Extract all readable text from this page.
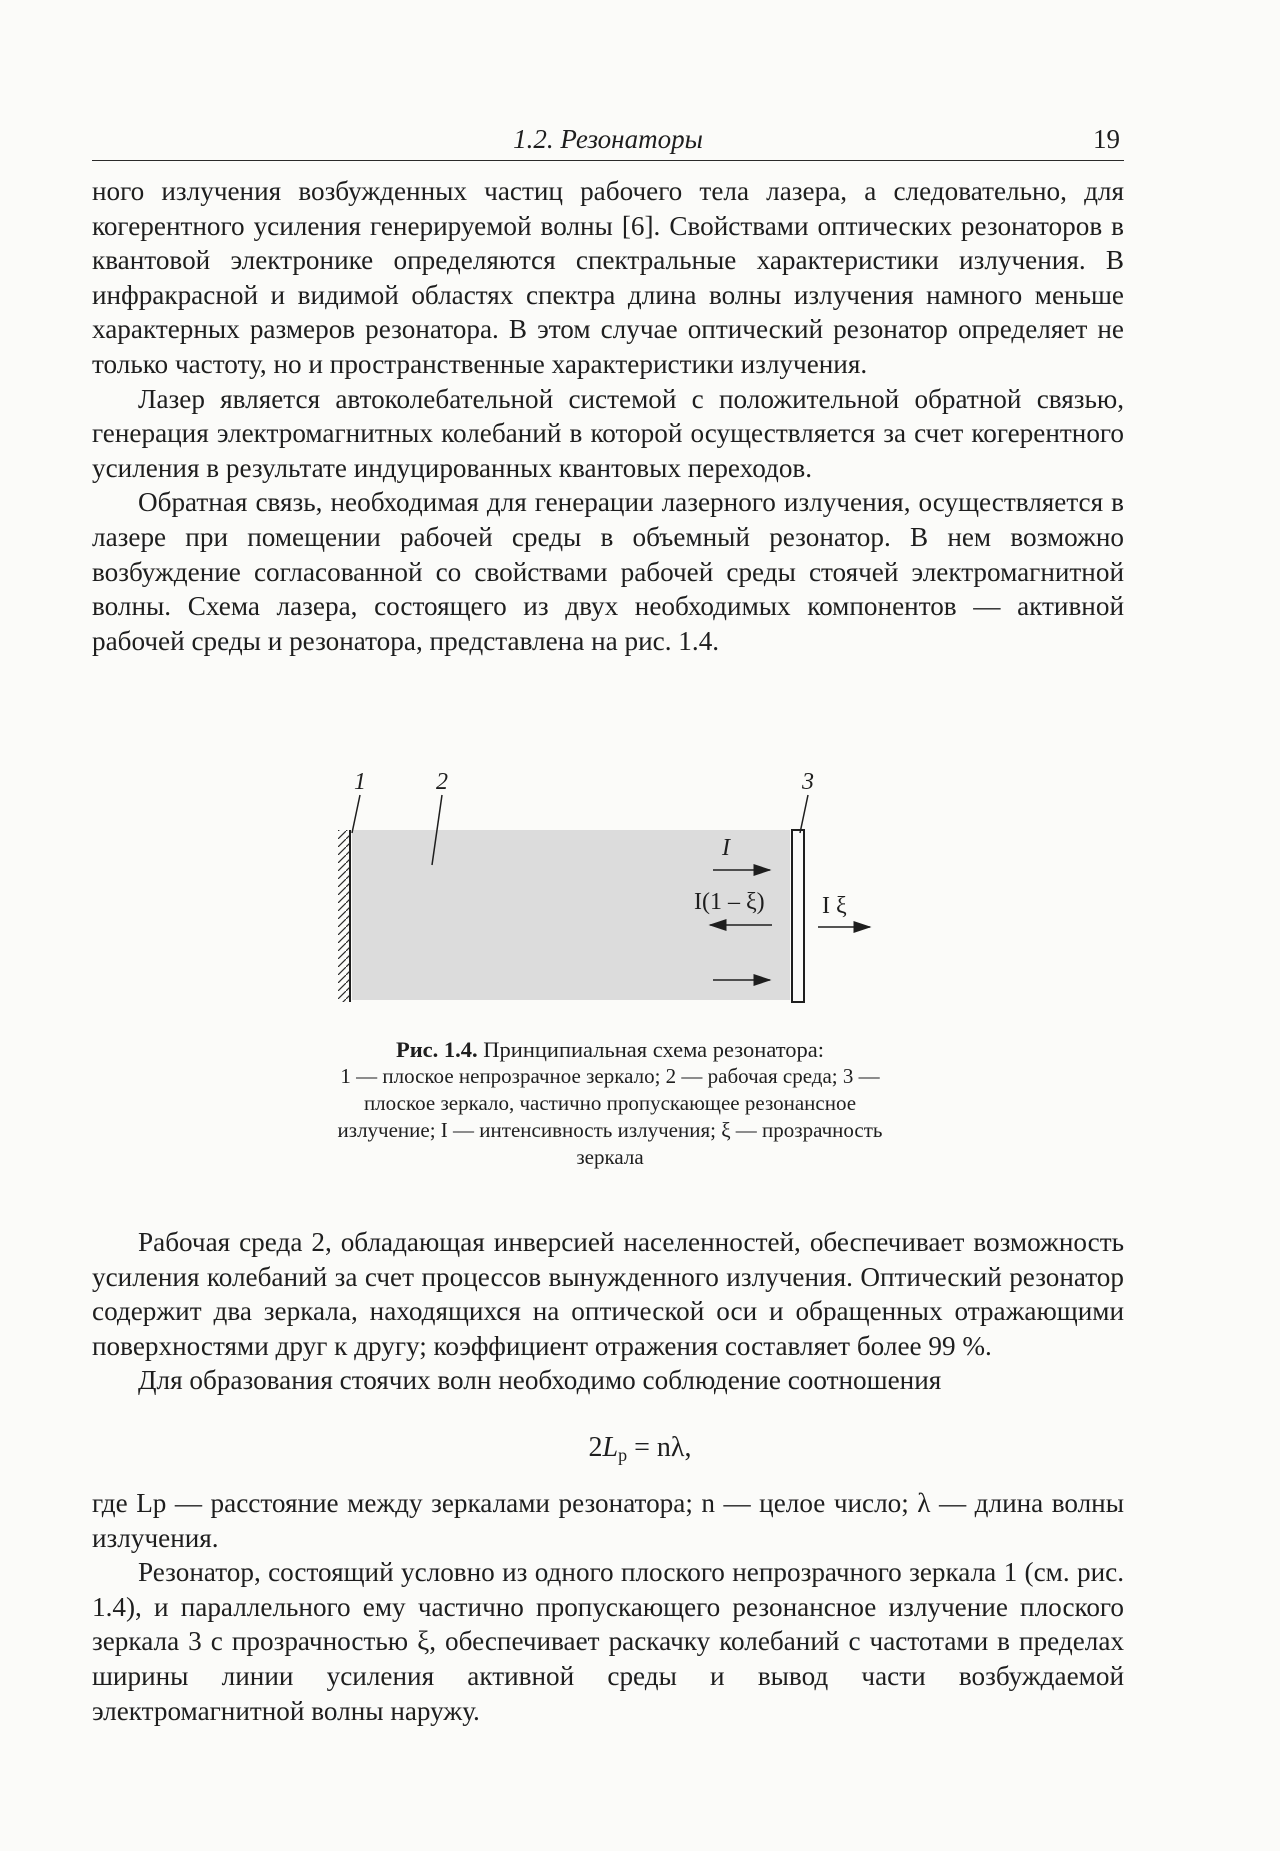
1.2. Резонаторы	19

ного излучения возбужденных частиц рабочего тела лазера, а следовательно, для когерентного усиления генерируемой волны [6]. Свойствами оптических резонаторов в квантовой электронике определяются спектральные характеристики излучения. В инфракрасной и видимой областях спектра длина волны излучения намного меньше характерных размеров резонатора. В этом случае оптический резонатор определяет не только частоту, но и пространственные характеристики излучения.

Лазер является автоколебательной системой с положительной обратной связью, генерация электромагнитных колебаний в которой осуществляется за счет когерентного усиления в результате индуцированных квантовых переходов.

Обратная связь, необходимая для генерации лазерного излучения, осуществляется в лазере при помещении рабочей среды в объемный резонатор. В нем возможно возбуждение согласованной со свойствами рабочей среды стоячей электромагнитной волны. Схема лазера, состоящего из двух необходимых компонентов — активной рабочей среды и резонатора, представлена на рис. 1.4.

1	2	3
I
I(1 – ξ) I ξ
Рис. 1.4. Принципиальная схема резонатора:
1 — плоское непрозрачное зеркало; 2 — рабочая среда; 3 — плоское зеркало, частично пропускающее резонансное излучение; I — интенсивность излучения; ξ — прозрачность зеркала

Рабочая среда 2, обладающая инверсией населенностей, обеспечивает возможность усиления колебаний за счет процессов вынужденного излучения. Оптический резонатор содержит два зеркала, находящихся на оптической оси и обращенных отражающими поверхностями друг к другу; коэффициент отражения составляет более 99 %.

Для образования стоячих волн необходимо соблюдение соотношения

$2L_р = n\lambda$,

где Lр — расстояние между зеркалами резонатора; n — целое число; λ — длина волны излучения.

Резонатор, состоящий условно из одного плоского непрозрачного зеркала 1 (см. рис. 1.4), и параллельного ему частично пропускающего резонансное излучение плоского зеркала 3 с прозрачностью ξ, обеспечивает раскачку колебаний с частотами в пределах ширины линии усиления активной среды и вывод части возбуждаемой электромагнитной волны наружу.
